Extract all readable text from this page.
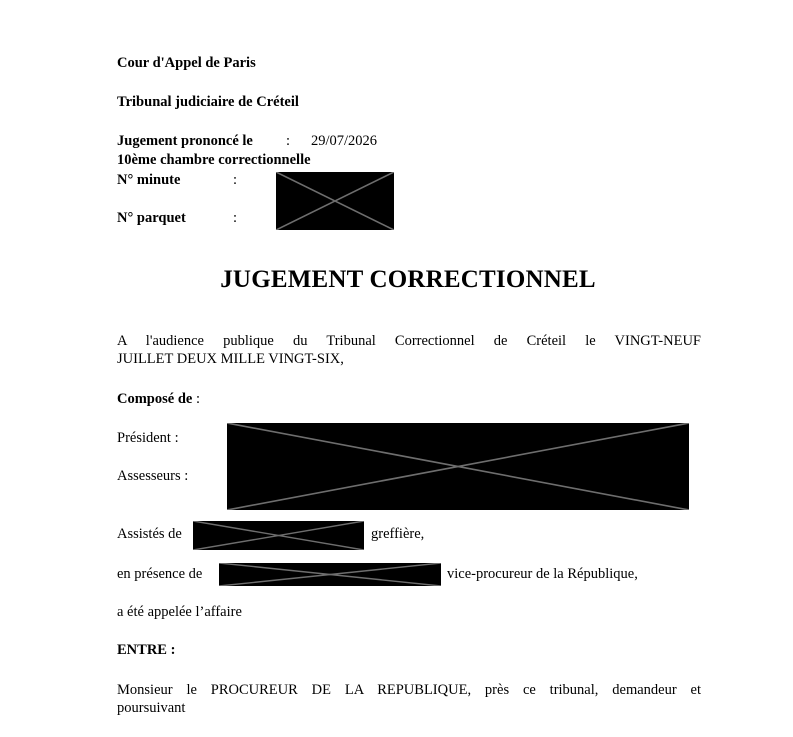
Cour d'Appel de Paris
Tribunal judiciaire de Créteil
Jugement prononcé le : 29/07/2026
10ème chambre correctionnelle
N° minute	:
N° parquet	:
JUGEMENT CORRECTIONNEL
A l'audience publique du Tribunal Correctionnel de Créteil le VINGT-NEUF
JUILLET DEUX MILLE VINGT-SIX,
Composé de :
Président :
Assesseurs :
Assistés de	greffière,
en présence de	vice-procureur de la République,
a été appelée l’affaire
ENTRE :
Monsieur le PROCUREUR DE LA REPUBLIQUE, près ce tribunal, demandeur et
poursuivant
